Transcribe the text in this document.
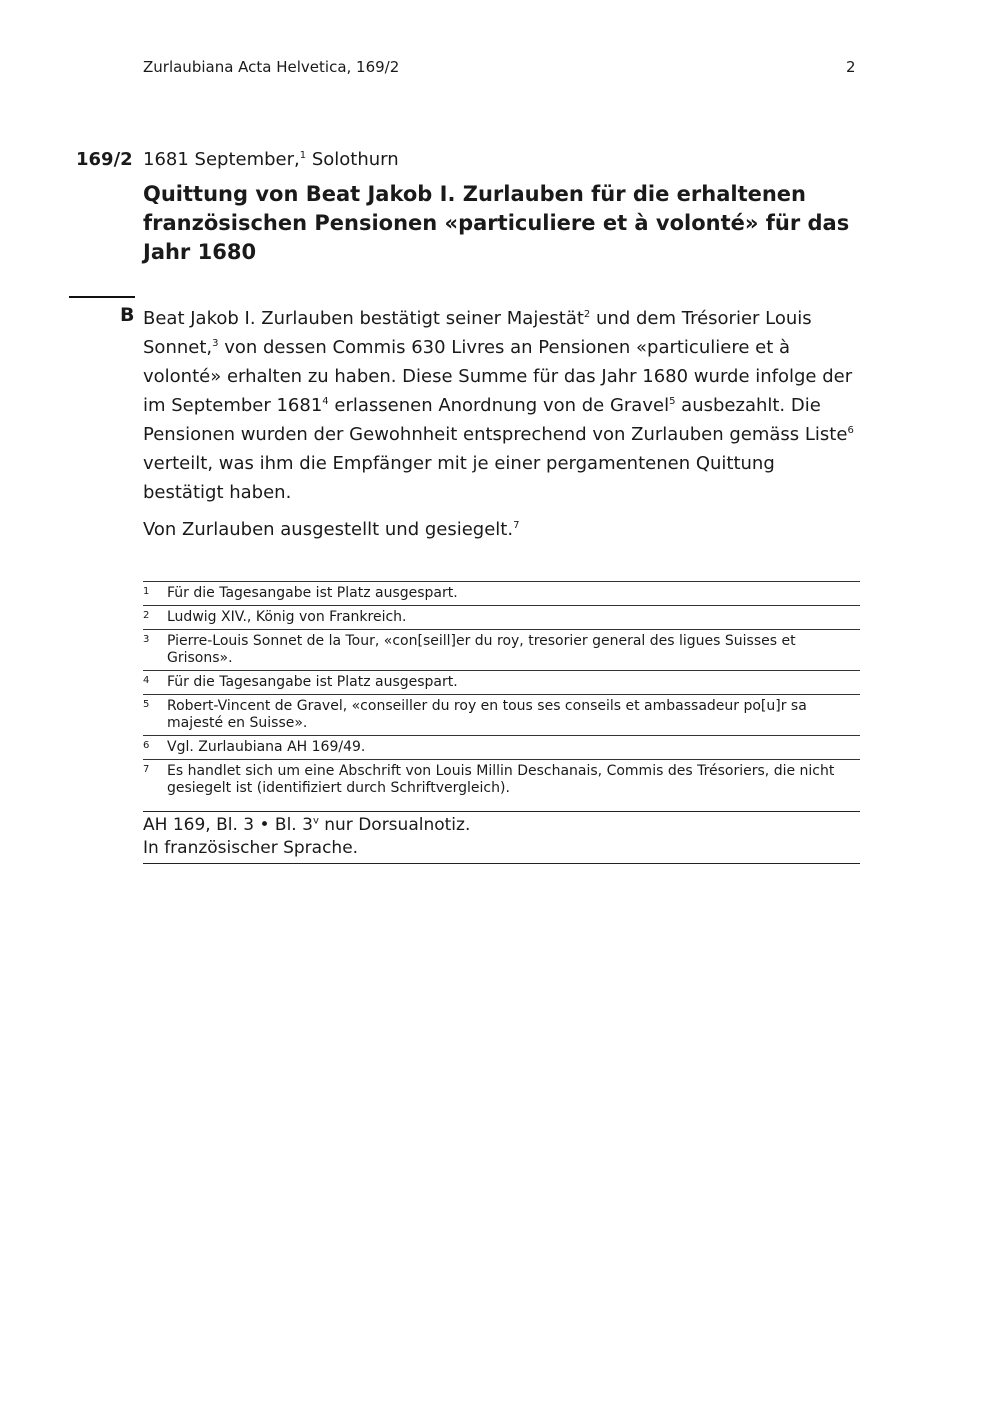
Zurlaubiana Acta Helvetica, 169/2	2
169/2 1681 September,$^1$ Solothurn
Quittung von Beat Jakob I. Zurlauben für die erhaltenen französischen Pensionen «particuliere et à volonté» für das Jahr 1680
B Beat Jakob I. Zurlauben bestätigt seiner Majestät$^2$ und dem Trésorier Louis Sonnet,$^3$ von dessen Commis 630 Livres an Pensionen «particuliere et à volonté» erhalten zu haben. Diese Summe für das Jahr 1680 wurde infolge der im September 1681$^4$ erlassenen Anordnung von de Gravel$^5$ ausbezahlt. Die Pensionen wurden der Gewohnheit entsprechend von Zurlauben gemäss Liste$^6$ verteilt, was ihm die Empfänger mit je einer pergamentenen Quittung bestätigt haben.

Von Zurlauben ausgestellt und gesiegelt.$^7$

1 Für die Tagesangabe ist Platz ausgespart.
2 Ludwig XIV., König von Frankreich.
3 Pierre-Louis Sonnet de la Tour, «con[seill]er du roy, tresorier general des ligues Suisses et Grisons».
4 Für die Tagesangabe ist Platz ausgespart.
5 Robert-Vincent de Gravel, «conseiller du roy en tous ses conseils et ambassadeur po[u]r sa majesté en Suisse».
6 Vgl. Zurlaubiana AH 169/49.
7 Es handlet sich um eine Abschrift von Louis Millin Deschanais, Commis des Trésoriers, die nicht gesiegelt ist (identifiziert durch Schriftvergleich).
AH 169, Bl. 3 • Bl. 3$^v$ nur Dorsualnotiz.
In französischer Sprache.
